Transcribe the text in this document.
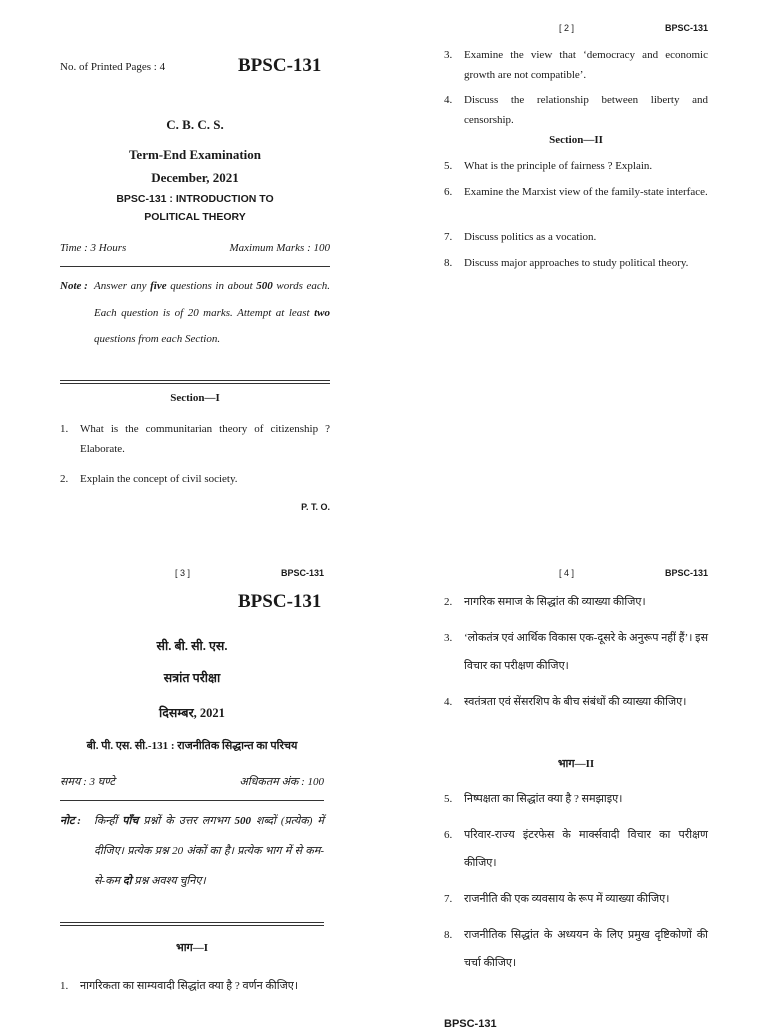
No. of Printed Pages : 4	BPSC-131
C. B. C. S.
Term-End Examination
December, 2021
BPSC-131 : INTRODUCTION TO
POLITICAL THEORY
Time : 3 Hours	Maximum Marks : 100
Note : Answer any five questions in about 500 words each. Each question is of 20 marks. Attempt at least two questions from each Section.
Section—I
1.	What is the communitarian theory of citizenship ? Elaborate.
2.	Explain the concept of civil society.
P. T. O.
[ 2 ]	BPSC-131
3.	Examine the view that ‘democracy and economic growth are not compatible’.
4.	Discuss the relationship between liberty and censorship.
Section—II
5.	What is the principle of fairness ? Explain.
6.	Examine the Marxist view of the family-state interface.
7.	Discuss politics as a vocation.
8.	Discuss major approaches to study political theory.
[ 3 ]	BPSC-131
BPSC-131
सी. बी. सी. एस.
सत्रांत परीक्षा
दिसम्बर, 2021
बी. पी. एस. सी.-131 : राजनीतिक सिद्धान्त का परिचय
समय : 3 घण्टे	अधिकतम अंक : 100
नोट : किन्हीं पाँच प्रश्नों के उत्तर लगभग 500 शब्दों (प्रत्येक) में दीजिए। प्रत्येक प्रश्न 20 अंकों का है। प्रत्येक भाग में से कम-से-कम दो प्रश्न अवश्य चुनिए।
भाग—I
1.	नागरिकता का साम्यवादी सिद्धांत क्या है ? वर्णन कीजिए।
[ 4 ]	BPSC-131
2.	नागरिक समाज के सिद्धांत की व्याख्या कीजिए।
3.	‘लोकतंत्र एवं आर्थिक विकास एक-दूसरे के अनुरूप नहीं हैं’। इस विचार का परीक्षण कीजिए।
4.	स्वतंत्रता एवं सेंसरशिप के बीच संबंधों की व्याख्या कीजिए।
भाग—II
5.	निष्पक्षता का सिद्धांत क्या है ? समझाइए।
6.	परिवार-राज्य इंटरफेस के मार्क्सवादी विचार का परीक्षण कीजिए।
7.	राजनीति की एक व्यवसाय के रूप में व्याख्या कीजिए।
8.	राजनीतिक सिद्धांत के अध्ययन के लिए प्रमुख दृष्टिकोणों की चर्चा कीजिए।
BPSC-131
